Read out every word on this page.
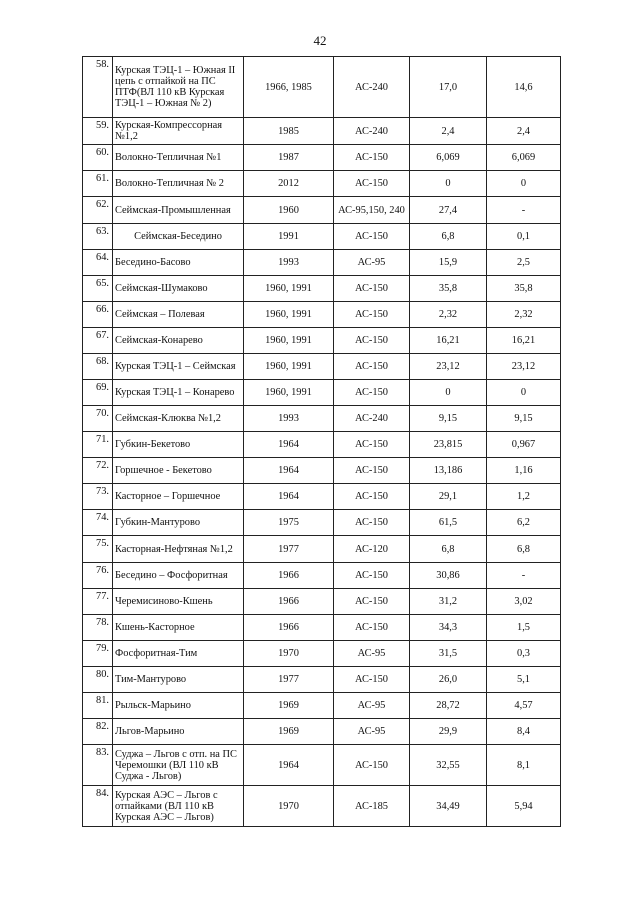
42
58.	Курская ТЭЦ-1 – Южная II цепь с отпайкой на ПС ПТФ(ВЛ 110 кВ Курская ТЭЦ-1 – Южная № 2)	1966, 1985	АС-240	17,0	14,6
59.	Курская-Компрессорная №1,2	1985	АС-240	2,4	2,4
60.	Волокно-Тепличная №1	1987	АС-150	6,069	6,069
61.	Волокно-Тепличная № 2	2012	АС-150	0	0
62.	Сеймская-Промышленная	1960	АС-95,150, 240	27,4	-
63.	Сеймская-Беседино	1991	АС-150	6,8	0,1
64.	Беседино-Басово	1993	АС-95	15,9	2,5
65.	Сеймская-Шумаково	1960, 1991	АС-150	35,8	35,8
66.	Сеймская – Полевая	1960, 1991	АС-150	2,32	2,32
67.	Сеймская-Конарево	1960, 1991	АС-150	16,21	16,21
68.	Курская ТЭЦ-1 – Сеймская	1960, 1991	АС-150	23,12	23,12
69.	Курская ТЭЦ-1 – Конарево	1960, 1991	АС-150	0	0
70.	Сеймская-Клюква №1,2	1993	АС-240	9,15	9,15
71.	Губкин-Бекетово	1964	АС-150	23,815	0,967
72.	Горшечное - Бекетово	1964	АС-150	13,186	1,16
73.	Касторное – Горшечное	1964	АС-150	29,1	1,2
74.	Губкин-Мантурово	1975	АС-150	61,5	6,2
75.	Касторная-Нефтяная №1,2	1977	АС-120	6,8	6,8
76.	Беседино – Фосфоритная	1966	АС-150	30,86	-
77.	Черемисиново-Кшень	1966	АС-150	31,2	3,02
78.	Кшень-Касторное	1966	АС-150	34,3	1,5
79.	Фосфоритная-Тим	1970	АС-95	31,5	0,3
80.	Тим-Мантурово	1977	АС-150	26,0	5,1
81.	Рыльск-Марьино	1969	АС-95	28,72	4,57
82.	Льгов-Марьино	1969	АС-95	29,9	8,4
83.	Суджа – Льгов с отп. на ПС Черемошки (ВЛ 110 кВ Суджа - Льгов)	1964	АС-150	32,55	8,1
84.	Курская АЭС – Льгов с отпайками (ВЛ 110 кВ Курская АЭС – Льгов)	1970	АС-185	34,49	5,94
